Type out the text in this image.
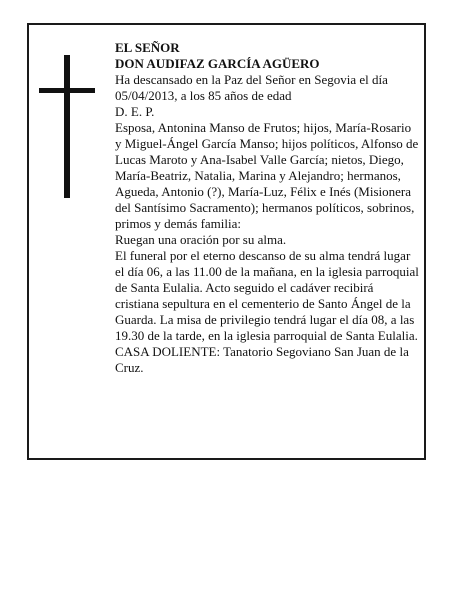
EL SEÑOR

DON AUDIFAZ GARCÍA AGÜERO

Ha descansado en la Paz del Señor en Segovia el día 05/04/2013, a los 85 años de edad

D. E. P.

Esposa, Antonina Manso de Frutos; hijos, María-Rosario y Miguel-Ángel García Manso; hijos políticos, Alfonso de Lucas Maroto y Ana-Isabel Valle García; nietos, Diego, María-Beatriz, Natalia, Marina y Alejandro; hermanos, Agueda, Antonio (?), María-Luz, Félix e Inés (Misionera del Santísimo Sacramento); hermanos políticos, sobrinos, primos y demás familia:

Ruegan una oración por su alma.

El funeral por el eterno descanso de su alma tendrá lugar el día 06, a las 11.00 de la mañana, en la iglesia parroquial de Santa Eulalia. Acto seguido el cadáver recibirá cristiana sepultura en el cementerio de Santo Ángel de la Guarda. La misa de privilegio tendrá lugar el día 08, a las 19.30 de la tarde, en la iglesia parroquial de Santa Eulalia.

CASA DOLIENTE: Tanatorio Segoviano San Juan de la Cruz.
